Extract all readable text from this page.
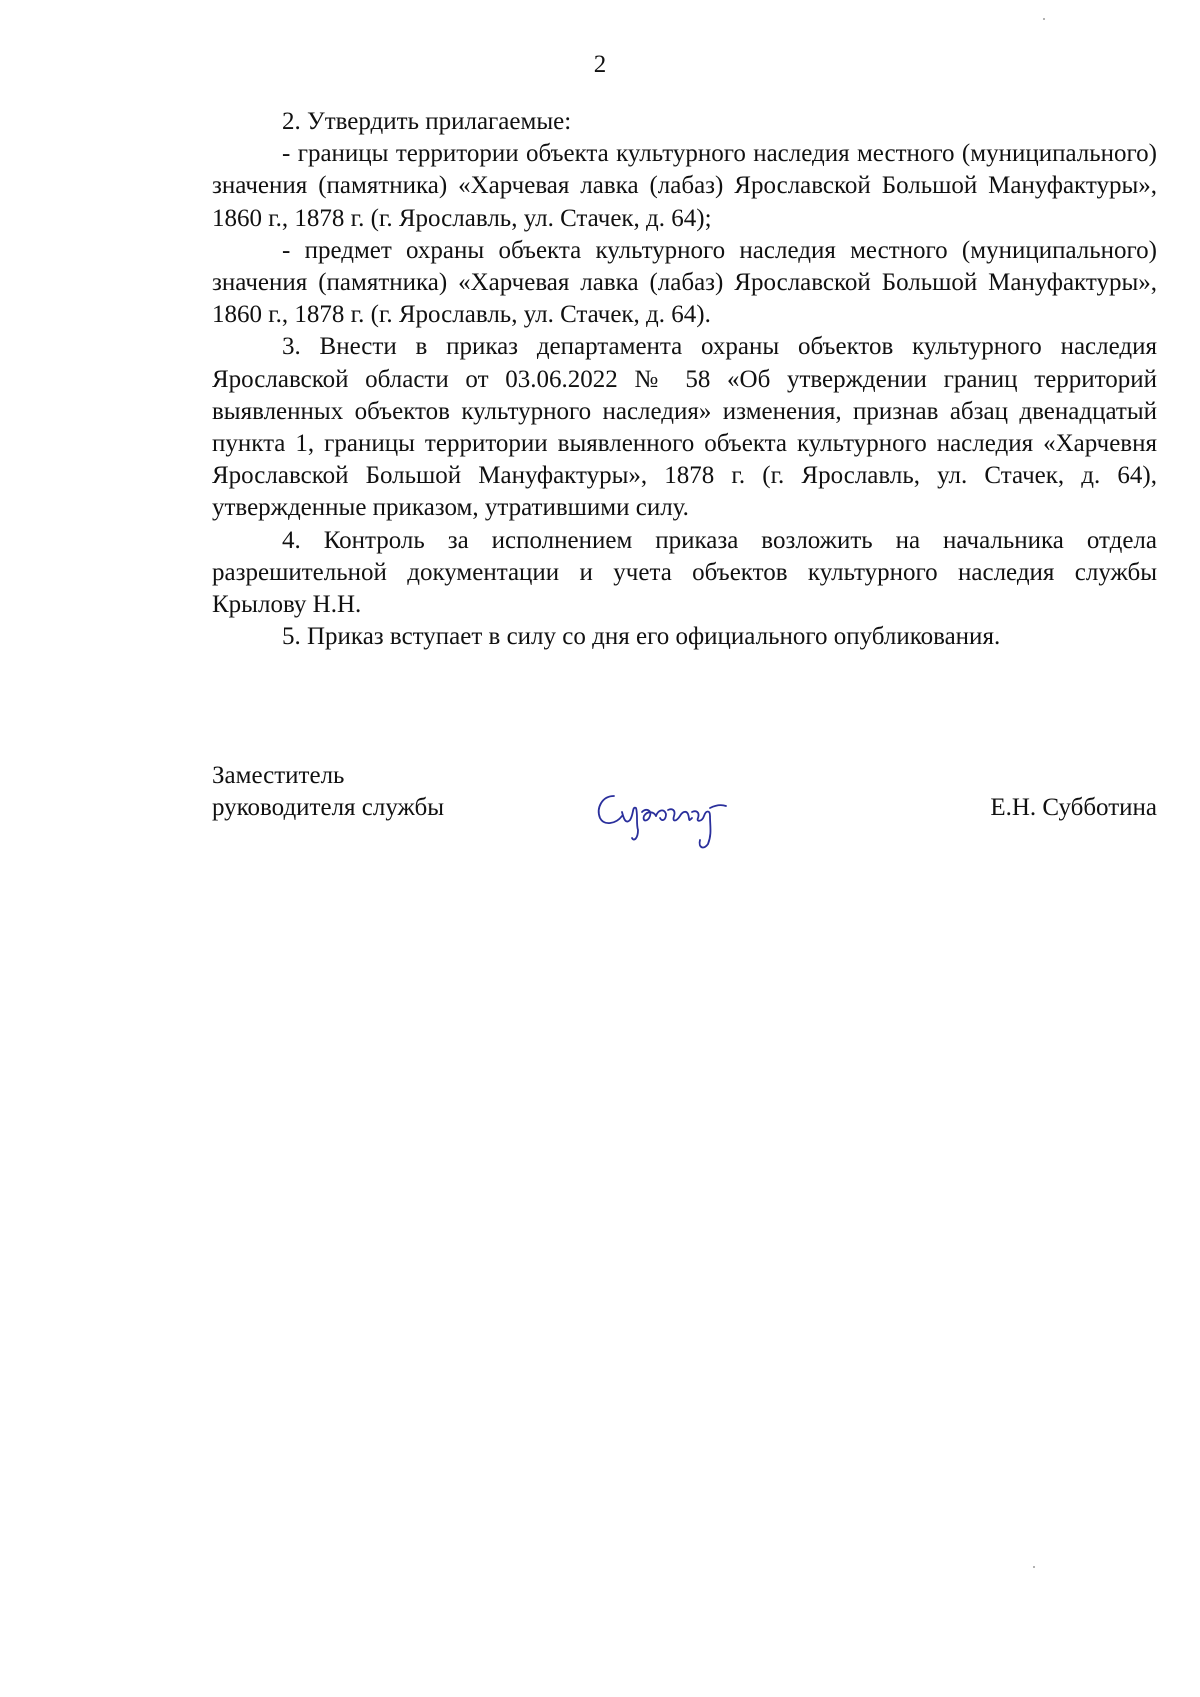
2

2. Утвердить прилагаемые:

- границы территории объекта культурного наследия местного (муниципального) значения (памятника) «Харчевая лавка (лабаз) Ярославской Большой Мануфактуры», 1860 г., 1878 г. (г. Ярославль, ул. Стачек, д. 64);

- предмет охраны объекта культурного наследия местного (муниципального) значения (памятника) «Харчевая лавка (лабаз) Ярославской Большой Мануфактуры», 1860 г., 1878 г. (г. Ярославль, ул. Стачек, д. 64).

3. Внести в приказ департамента охраны объектов культурного наследия Ярославской области от 03.06.2022 № 58 «Об утверждении границ территорий выявленных объектов культурного наследия» изменения, признав абзац двенадцатый пункта 1, границы территории выявленного объекта культурного наследия «Харчевня Ярославской Большой Мануфактуры», 1878 г. (г. Ярославль, ул. Стачек, д. 64), утвержденные приказом, утратившими силу.

4. Контроль за исполнением приказа возложить на начальника отдела разрешительной документации и учета объектов культурного наследия службы Крылову Н.Н.

5. Приказ вступает в силу со дня его официального опубликования.

Заместитель
руководителя службы	Е.Н. Субботина
